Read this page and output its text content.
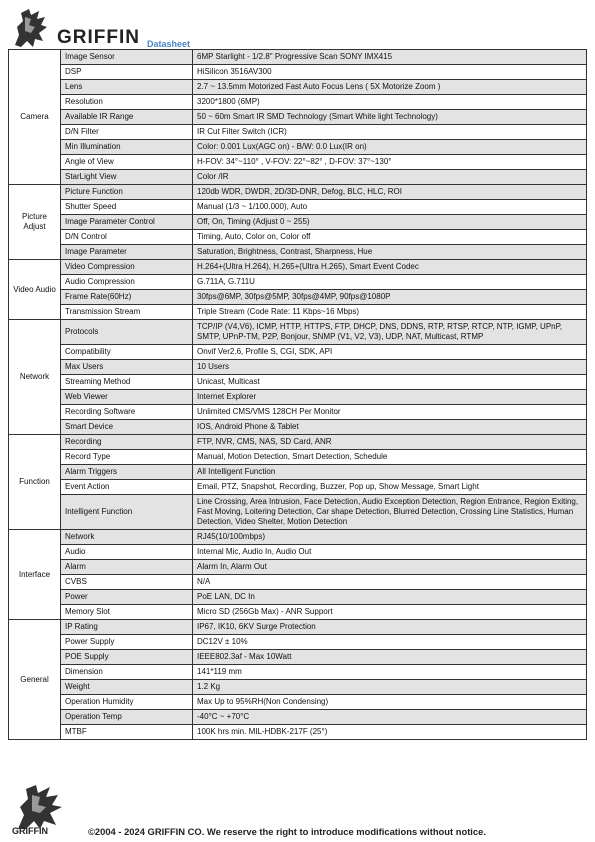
GRIFFIN Datasheet
Camera	Image Sensor	6MP Starlight - 1/2.8" Progressive Scan SONY IMX415
	DSP	HiSilicon 3516AV300
	Lens	2.7 ~ 13.5mm Motorized Fast Auto Focus Lens ( 5X Motorize Zoom )
	Resolution	3200*1800 (6MP)
	Available IR Range	50 ~ 60m Smart IR SMD Technology (Smart White light Technology)
	D/N Filter	IR Cut Filter Switch (ICR)
	Min Illumination	Color: 0.001 Lux(AGC on) - B/W: 0.0 Lux(IR on)
	Angle of View	H-FOV: 34°~110° , V-FOV: 22°~82° , D-FOV: 37°~130°
	StarLight View	Color /IR
Picture Adjust	Picture Function	120db WDR, DWDR, 2D/3D-DNR, Defog, BLC, HLC, ROI
	Shutter Speed	Manual (1/3 ~ 1/100.000), Auto
	Image Parameter Control	Off, On, Timing (Adjust 0 ~ 255)
	D/N Control	Timing, Auto, Color on, Color off
	Image Parameter	Saturation, Brightness, Contrast, Sharpness, Hue
Video Audio	Video Compression	H.264+(Ultra H.264), H.265+(Ultra H.265), Smart Event Codec
	Audio Compression	G.711A, G.711U
	Frame Rate(60Hz)	30fps@6MP, 30fps@5MP, 30fps@4MP, 90fps@1080P
	Transmission Stream	Triple Stream (Code Rate: 11 Kbps~16 Mbps)
Network	Protocols	TCP/IP (V4,V6), ICMP, HTTP, HTTPS, FTP, DHCP, DNS, DDNS, RTP, RTSP, RTCP, NTP, IGMP, UPnP, SMTP, UPnP-TM, P2P, Bonjour, SNMP (V1, V2, V3), UDP, NAT, Multicast, RTMP
	Compatibility	Onvif Ver2.6, Profile S, CGI, SDK, API
	Max Users	10 Users
	Streaming Method	Unicast, Multicast
	Web Viewer	Internet Explorer
	Recording Software	Unlimited CMS/VMS 128CH Per Monitor
	Smart Device	IOS, Android Phone & Tablet
Function	Recording	FTP, NVR, CMS, NAS, SD Card, ANR
	Record Type	Manual, Motion Detection, Smart Detection, Schedule
	Alarm Triggers	All Intelligent Function
	Event Action	Email, PTZ, Snapshot, Recording, Buzzer, Pop up, Show Message, Smart Light
	Intelligent Function	Line Crossing, Area Intrusion, Face Detection, Audio Exception Detection, Region Entrance, Region Exiting, Fast Moving, Loitering Detection, Car shape Detection, Blurred Detection, Crossing Line Statistics, Human Detection, Video Shelter, Motion Detection
Interface	Network	RJ45(10/100mbps)
	Audio	Internal Mic, Audio In, Audio Out
	Alarm	Alarm In, Alarm Out
	CVBS	N/A
	Power	PoE LAN, DC In
	Memory Slot	Micro SD (256Gb Max) - ANR Support
General	IP Rating	IP67, IK10, 6KV Surge Protection
	Power Supply	DC12V ± 10%
	POE Supply	IEEE802.3af - Max 10Watt
	Dimension	141*119 mm
	Weight	1.2 Kg
	Operation Humidity	Max Up to 95%RH(Non Condensing)
	Operation Temp	-40°C ~ +70°C
	MTBF	100K hrs min. MIL-HDBK-217F (25°)
GRIFFIN	©2004 - 2024 GRIFFIN CO. We reserve the right to introduce modifications without notice.
